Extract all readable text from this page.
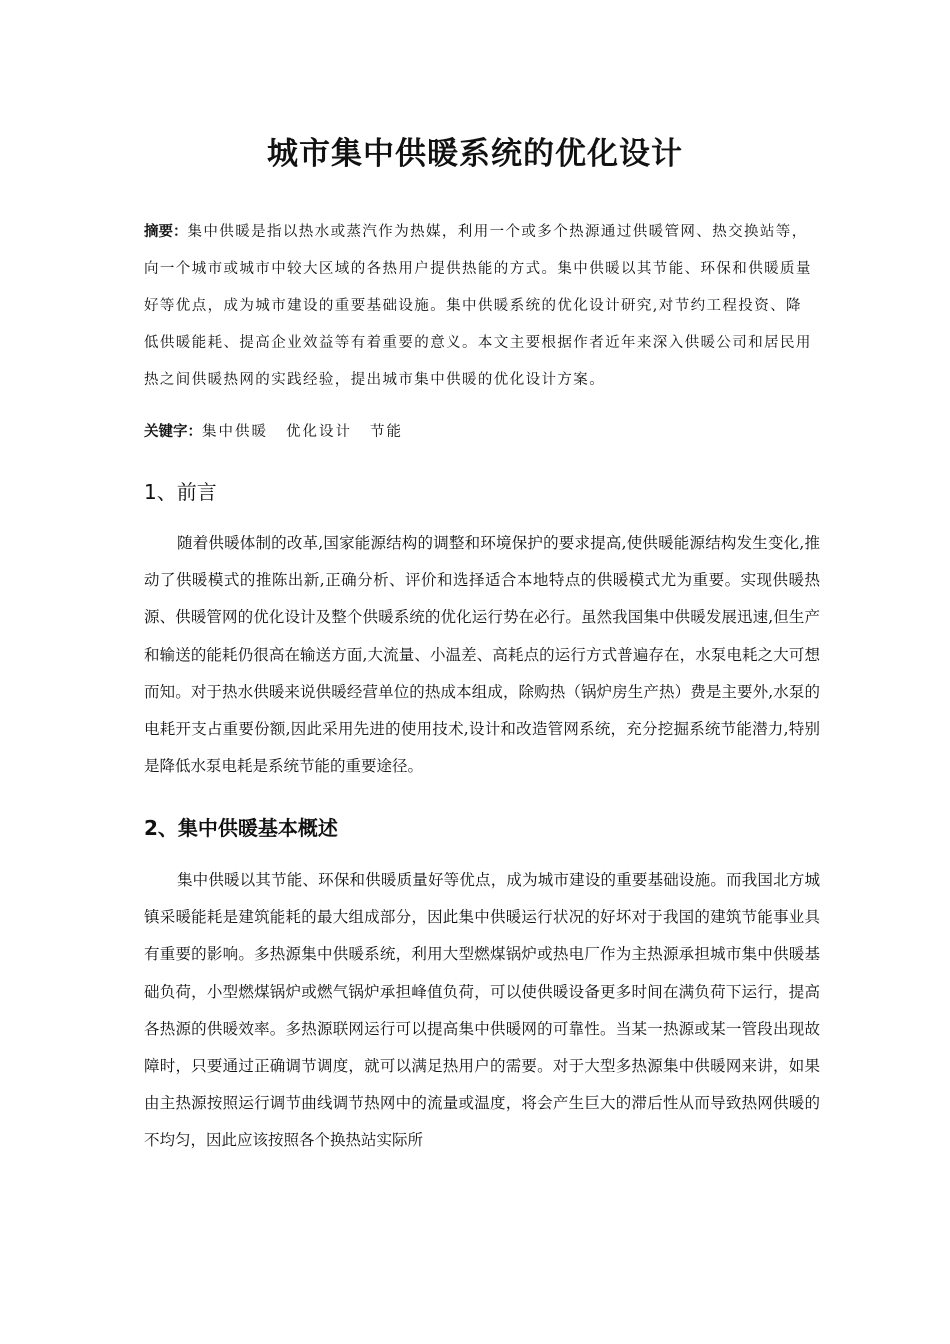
城市集中供暖系统的优化设计
摘要：集中供暖是指以热水或蒸汽作为热媒，利用一个或多个热源通过供暖管网、热交换站等，向一个城市或城市中较大区域的各热用户提供热能的方式。集中供暖以其节能、环保和供暖质量好等优点，成为城市建设的重要基础设施。集中供暖系统的优化设计研究,对节约工程投资、降低供暖能耗、提高企业效益等有着重要的意义。本文主要根据作者近年来深入供暖公司和居民用热之间供暖热网的实践经验，提出城市集中供暖的优化设计方案。
关键字：集中供暖 优化设计 节能
1、前言
随着供暖体制的改革,国家能源结构的调整和环境保护的要求提高,使供暖能源结构发生变化,推动了供暖模式的推陈出新,正确分析、评价和选择适合本地特点的供暖模式尤为重要。实现供暖热源、供暖管网的优化设计及整个供暖系统的优化运行势在必行。虽然我国集中供暖发展迅速,但生产和输送的能耗仍很高在输送方面,大流量、小温差、高耗点的运行方式普遍存在，水泵电耗之大可想而知。对于热水供暖来说供暖经营单位的热成本组成，除购热（锅炉房生产热）费是主要外,水泵的电耗开支占重要份额,因此采用先进的使用技术,设计和改造管网系统，充分挖掘系统节能潜力,特别是降低水泵电耗是系统节能的重要途径。
2、集中供暖基本概述
集中供暖以其节能、环保和供暖质量好等优点，成为城市建设的重要基础设施。而我国北方城镇采暖能耗是建筑能耗的最大组成部分，因此集中供暖运行状况的好坏对于我国的建筑节能事业具有重要的影响。多热源集中供暖系统，利用大型燃煤锅炉或热电厂作为主热源承担城市集中供暖基础负荷，小型燃煤锅炉或燃气锅炉承担峰值负荷，可以使供暖设备更多时间在满负荷下运行，提高各热源的供暖效率。多热源联网运行可以提高集中供暖网的可靠性。当某一热源或某一管段出现故障时，只要通过正确调节调度，就可以满足热用户的需要。对于大型多热源集中供暖网来讲，如果由主热源按照运行调节曲线调节热网中的流量或温度，将会产生巨大的滞后性从而导致热网供暖的不均匀，因此应该按照各个换热站实际所
